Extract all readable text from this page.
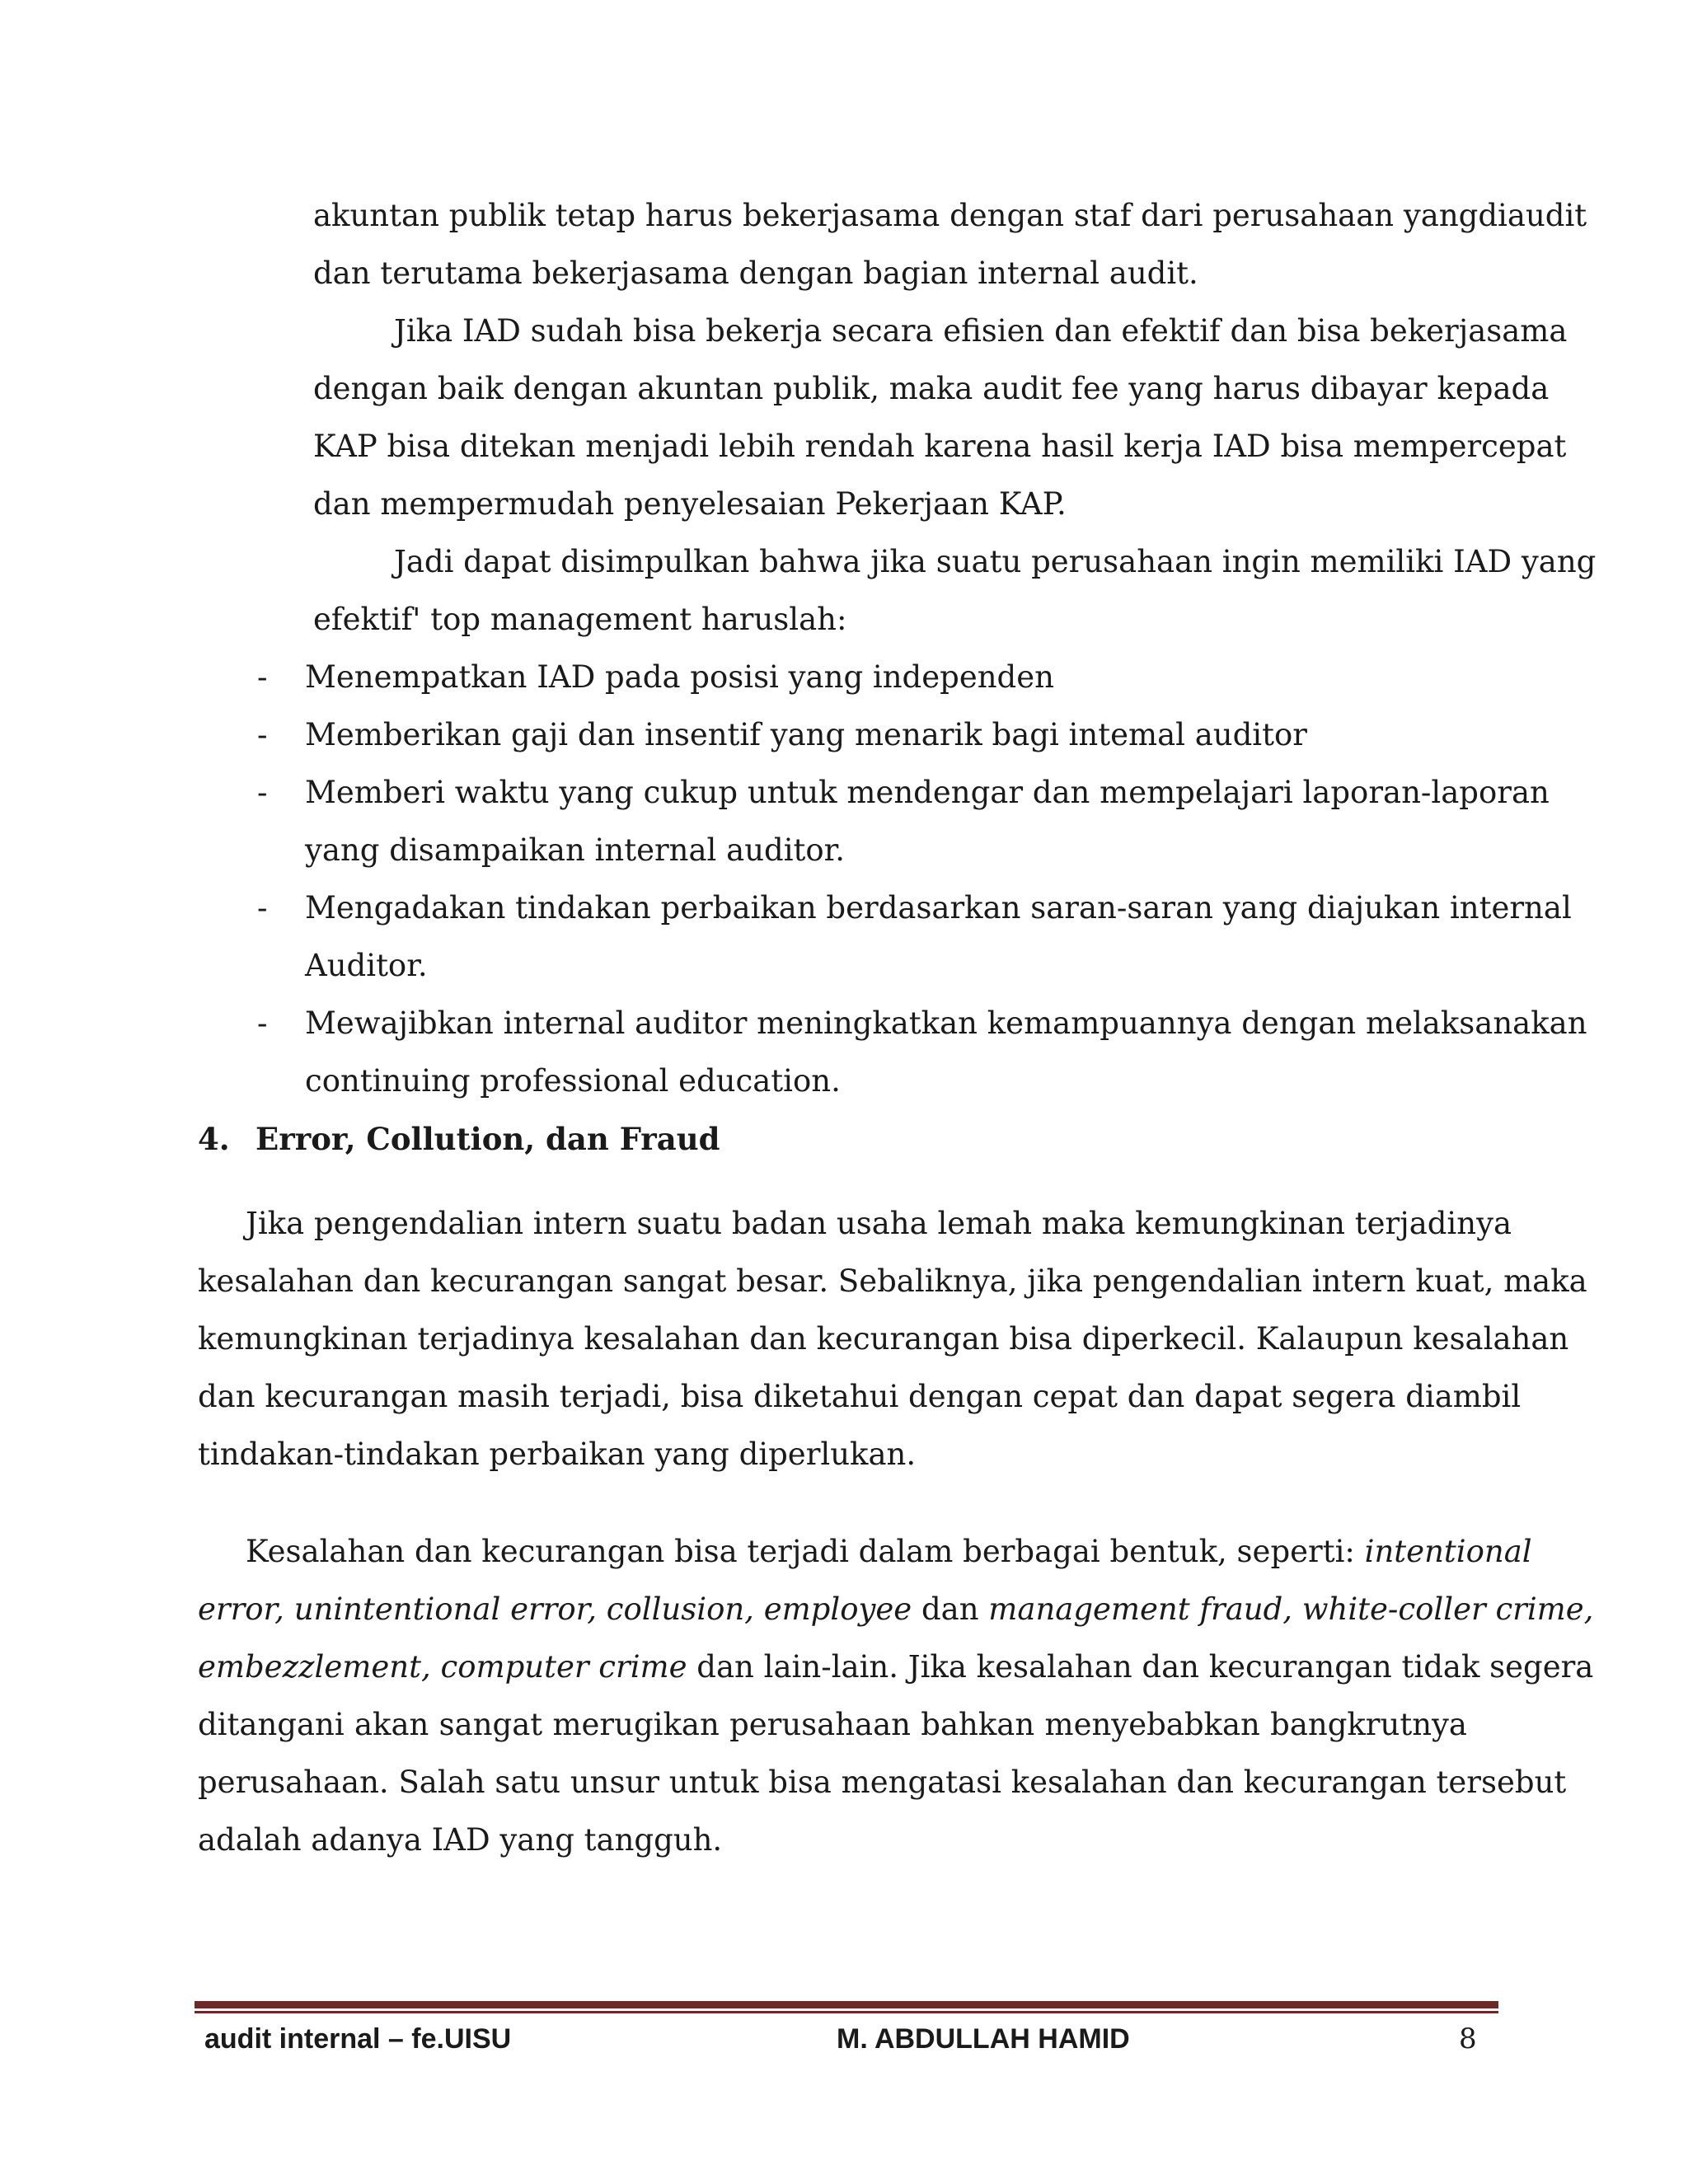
akuntan publik tetap harus bekerjasama dengan staf dari perusahaan yangdiaudit

dan terutama bekerjasama dengan bagian internal audit.

Jika IAD sudah bisa bekerja secara efisien dan efektif dan bisa bekerjasama

dengan baik dengan akuntan publik, maka audit fee yang harus dibayar kepada

KAP bisa ditekan menjadi lebih rendah karena hasil kerja IAD bisa mempercepat

dan mempermudah penyelesaian Pekerjaan KAP.

Jadi dapat disimpulkan bahwa jika suatu perusahaan ingin memiliki IAD yang

efektif' top management haruslah:

- Menempatkan IAD pada posisi yang independen

- Memberikan gaji dan insentif yang menarik bagi intemal auditor

- Memberi waktu yang cukup untuk mendengar dan mempelajari laporan-laporan

yang disampaikan internal auditor.

- Mengadakan tindakan perbaikan berdasarkan saran-saran yang diajukan internal

Auditor.

- Mewajibkan internal auditor meningkatkan kemampuannya dengan melaksanakan

continuing professional education.

4. Error, Collution, dan Fraud

Jika pengendalian intern suatu badan usaha lemah maka kemungkinan terjadinya

kesalahan dan kecurangan sangat besar. Sebaliknya, jika pengendalian intern kuat, maka

kemungkinan terjadinya kesalahan dan kecurangan bisa diperkecil. Kalaupun kesalahan

dan kecurangan masih terjadi, bisa diketahui dengan cepat dan dapat segera diambil

tindakan-tindakan perbaikan yang diperlukan.

Kesalahan dan kecurangan bisa terjadi dalam berbagai bentuk, seperti: intentional

error, unintentional error, collusion, employee dan management fraud, white-coller crime,

embezzlement, computer crime dan lain-lain. Jika kesalahan dan kecurangan tidak segera

ditangani akan sangat merugikan perusahaan bahkan menyebabkan bangkrutnya

perusahaan. Salah satu unsur untuk bisa mengatasi kesalahan dan kecurangan tersebut

adalah adanya IAD yang tangguh.

audit internal – fe.UISU	M. ABDULLAH HAMID	8
